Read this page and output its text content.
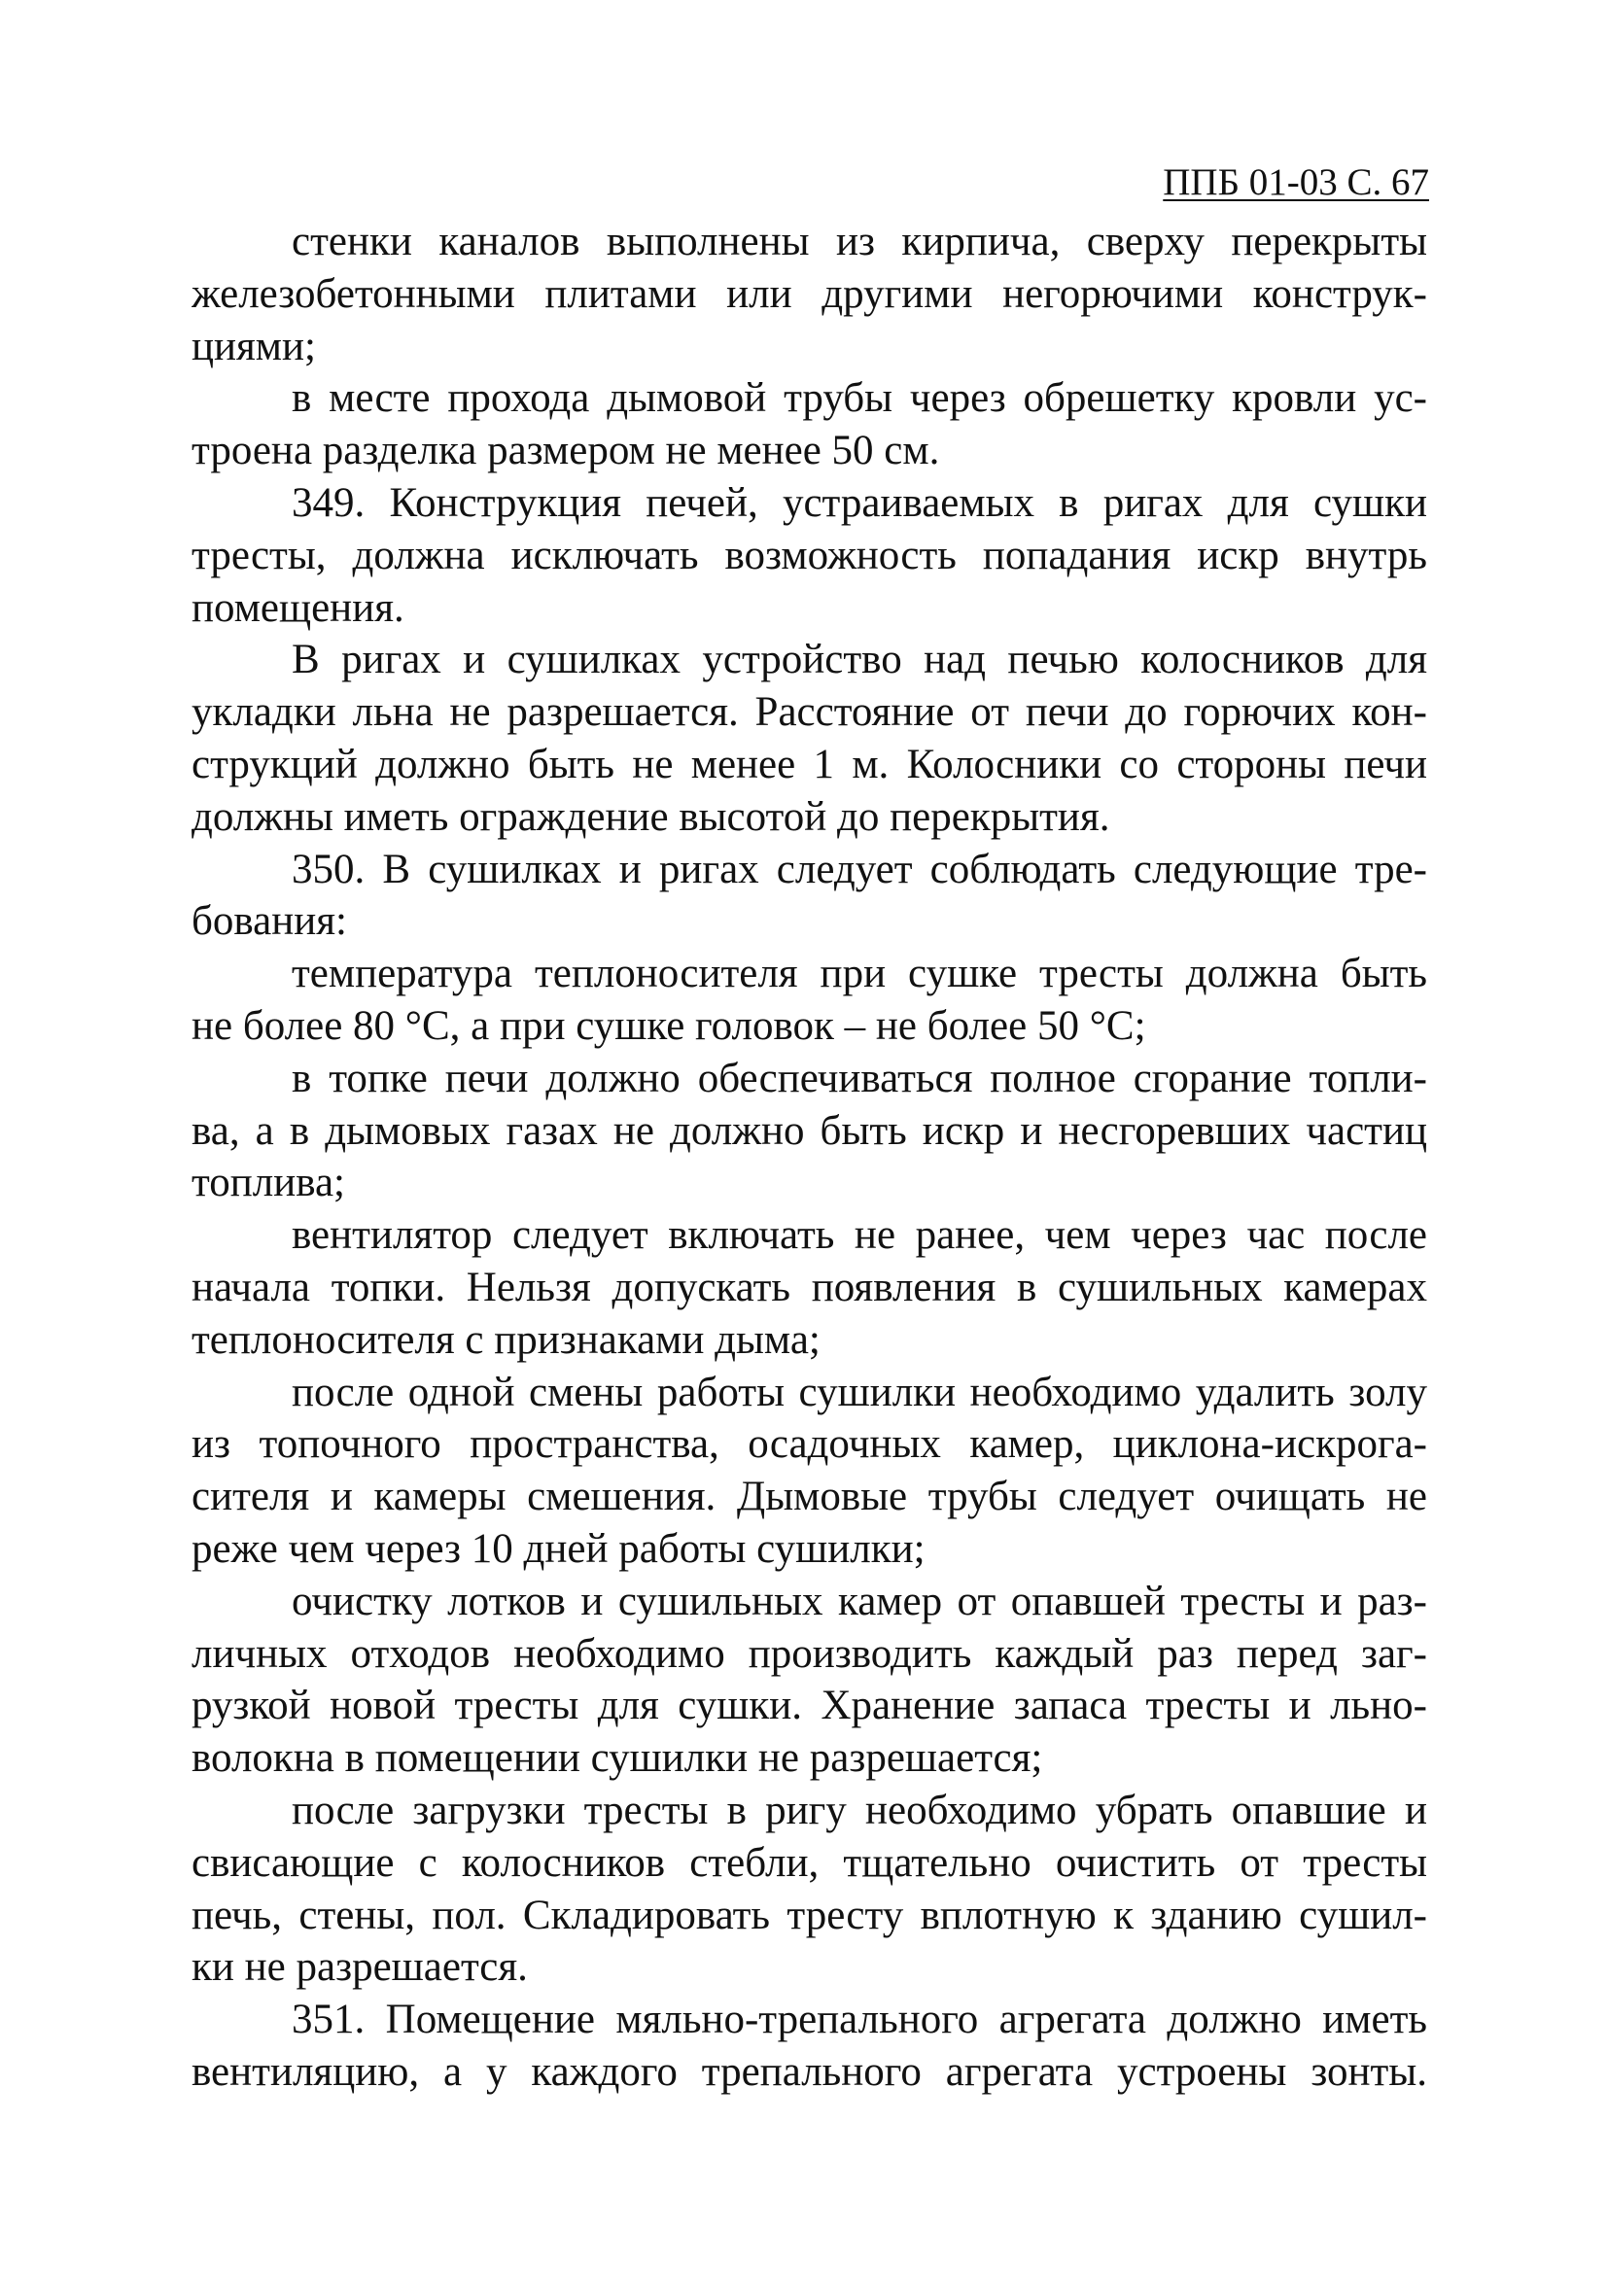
ППБ 01-03 С. 67
стенки каналов выполнены из кирпича, сверху перекрыты
железобетонными плитами или другими негорючими конструк-
циями;
в месте прохода дымовой трубы через обрешетку кровли ус-
троена разделка размером не менее 50 см.
349. Конструкция печей, устраиваемых в ригах для сушки
тресты, должна исключать возможность попадания искр внутрь
помещения.
В ригах и сушилках устройство над печью колосников для
укладки льна не разрешается. Расстояние от печи до горючих кон-
струкций должно быть не менее 1 м. Колосники со стороны печи
должны иметь ограждение высотой до перекрытия.
350. В сушилках и ригах следует соблюдать следующие тре-
бования:
температура теплоносителя при сушке тресты должна быть
не более 80 °С, а при сушке головок – не более 50 °С;
в топке печи должно обеспечиваться полное сгорание топли-
ва, а в дымовых газах не должно быть искр и несгоревших частиц
топлива;
вентилятор следует включать не ранее, чем через час после
начала топки. Нельзя допускать появления в сушильных камерах
теплоносителя с признаками дыма;
после одной смены работы сушилки необходимо удалить золу
из топочного пространства, осадочных камер, циклона-искрога-
сителя и камеры смешения. Дымовые трубы следует очищать не
реже чем через 10 дней работы сушилки;
очистку лотков и сушильных камер от опавшей тресты и раз-
личных отходов необходимо производить каждый раз перед заг-
рузкой новой тресты для сушки. Хранение запаса тресты и льно-
волокна в помещении сушилки не разрешается;
после загрузки тресты в ригу необходимо убрать опавшие и
свисающие с колосников стебли, тщательно очистить от тресты
печь, стены, пол. Складировать тресту вплотную к зданию сушил-
ки не разрешается.
351. Помещение мяльно-трепального агрегата должно иметь
вентиляцию, а у каждого трепального агрегата устроены зонты.
